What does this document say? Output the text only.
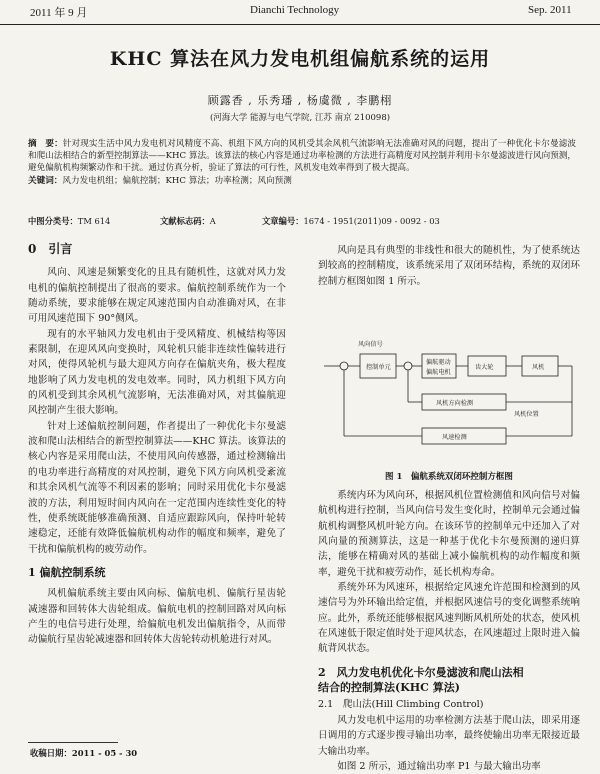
2011 年 9 月	Dianchi Technology	Sep. 2011
KHC 算法在风力发电机组偏航系统的运用
顾露香 , 乐秀璠 , 杨虞微 , 李鹏栩
(河海大学 能源与电气学院, 江苏 南京 210098)
摘　要：针对现实生活中风力发电机对风精度不高、机组下风方向的风机受其余风机气流影响无法准确对风的问题，提出了一种优化卡尔曼滤波和爬山法相结合的新型控制算法——KHC 算法。该算法的核心内容是通过功率检测的方法进行高精度对风控制并利用卡尔曼滤波进行风向预测，避免偏航机构频繁动作和干扰。通过仿真分析，验证了算法的可行性，风机发电效率得到了极大提高。
关键词：风力发电机组；偏航控制；KHC 算法；功率检测；风向预测
中图分类号：TM 614	文献标志码：A	文章编号：1674 - 1951(2011)09 - 0092 - 03
0　引言

风向、风速是频繁变化的且具有随机性，这就对风力发电机的偏航控制提出了很高的要求。偏航控制系统作为一个随动系统，要求能够在规定风速范围内自动准确对风，在非可用风速范围下 90°侧风。

现有的水平轴风力发电机由于受风精度、机械结构等因素限制，在迎风风向变换时，风轮机只能非连续性偏转进行对风，使得风轮机与最大迎风方向存在偏航夹角，极大程度地影响了风力发电机的发电效率。同时，风力机组下风方向的风机受到其余风机气流影响，无法准确对风，对其偏航迎风控制产生很大影响。

针对上述偏航控制问题，作者提出了一种优化卡尔曼滤波和爬山法相结合的新型控制算法——KHC 算法。该算法的核心内容是采用爬山法，不使用风向传感器，通过检测输出的电功率进行高精度的对风控制，避免下风方向风机受紊流和其余风机气流等不利因素的影响；同时采用优化卡尔曼滤波的方法，利用短时间内风向在一定范围内连续性变化的特性，使系统既能够准确预测、自适应跟踪风向，保持叶轮转速稳定，还能有效降低偏航机构动作的幅度和频率，避免了干扰和偏航机构的疲劳动作。

1 偏航控制系统

风机偏航系统主要由风向标、偏航电机、偏航行星齿轮减速器和回转体大齿轮组成。偏航电机的控制回路对风向标产生的电信号进行处理，给偏航电机发出偏航指令，从而带动偏航行星齿轮减速器和回转体大齿轮转动机舱进行对风。

风向是具有典型的非线性和很大的随机性，为了使系统达到较高的控制精度，该系统采用了双闭环结构，系统的双闭环控制方框图如图 1 所示。

控制单元
偏航驱动
偏航电机
齿大轮	风机
风向信号
风机方向检测
风机位置
风速检测
图 1　偏航系统双闭环控制方框图

系统内环为风向环，根据风机位置检测值和风向信号对偏航机构进行控制，当风向信号发生变化时，控制单元会通过偏航机构调整风机叶轮方向。在该环节的控制单元中还加入了对风向量的预测算法，这是一种基于优化卡尔曼预测的递归算法，能够在精确对风的基础上减小偏航机构的动作幅度和频率，避免干扰和疲劳动作，延长机构寿命。

系统外环为风速环，根据给定风速允许范围和检测到的风速信号为外环输出给定值，并根据风速信号的变化调整系统响应。此外，系统还能够根据风速判断风机所处的状态，使风机在风速低于限定值时处于迎风状态，在风速超过上限时进入偏航背风状态。

2　风力发电机优化卡尔曼滤波和爬山法相
结合的控制算法(KHC 算法)
2.1　爬山法(Hill Climbing Control)

风力发电机中运用的功率检测方法基于爬山法，即采用逐日调用的方式逐步搜寻输出功率，最终使输出功率无限接近最大输出功率。

如图 2 所示，通过输出功率 P1 与最大输出功率

收稿日期：2011 - 05 - 30
